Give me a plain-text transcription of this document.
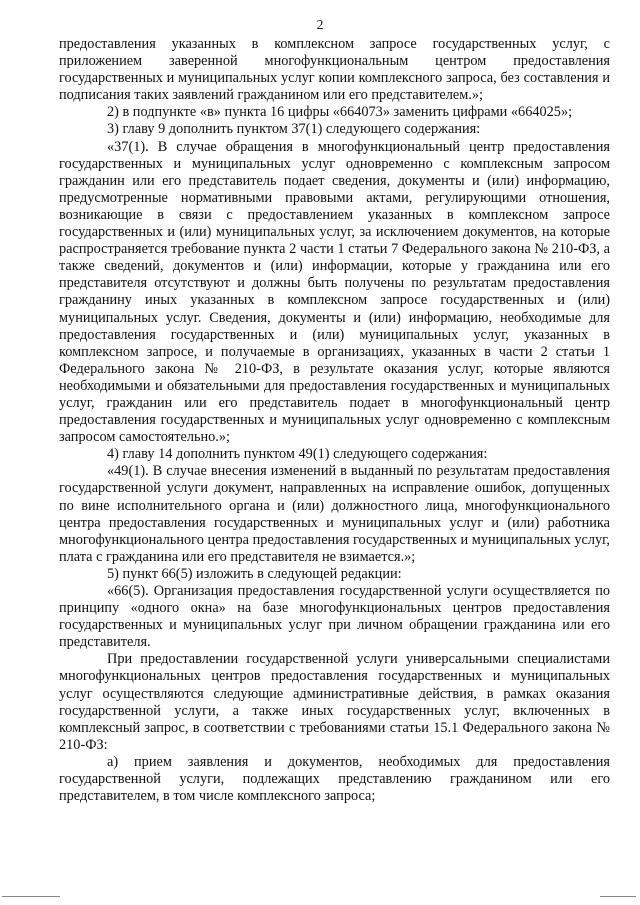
2

предоставления указанных в комплексном запросе государственных услуг, с приложением заверенной многофункциональным центром предоставления государственных и муниципальных услуг копии комплексного запроса, без составления и подписания таких заявлений гражданином или его представителем.»;

2) в подпункте «в» пункта 16 цифры «664073» заменить цифрами «664025»;

3) главу 9 дополнить пунктом 37(1) следующего содержания:

«37(1). В случае обращения в многофункциональный центр предоставления государственных и муниципальных услуг одновременно с комплексным запросом гражданин или его представитель подает сведения, документы и (или) информацию, предусмотренные нормативными правовыми актами, регулирующими отношения, возникающие в связи с предоставлением указанных в комплексном запросе государственных и (или) муниципальных услуг, за исключением документов, на которые распространяется требование пункта 2 части 1 статьи 7 Федерального закона № 210-ФЗ, а также сведений, документов и (или) информации, которые у гражданина или его представителя отсутствуют и должны быть получены по результатам предоставления гражданину иных указанных в комплексном запросе государственных и (или) муниципальных услуг. Сведения, документы и (или) информацию, необходимые для предоставления государственных и (или) муниципальных услуг, указанных в комплексном запросе, и получаемые в организациях, указанных в части 2 статьи 1 Федерального закона № 210-ФЗ, в результате оказания услуг, которые являются необходимыми и обязательными для предоставления государственных и муниципальных услуг, гражданин или его представитель подает в многофункциональный центр предоставления государственных и муниципальных услуг одновременно с комплексным запросом самостоятельно.»;

4) главу 14 дополнить пунктом 49(1) следующего содержания:

«49(1). В случае внесения изменений в выданный по результатам предоставления государственной услуги документ, направленных на исправление ошибок, допущенных по вине исполнительного органа и (или) должностного лица, многофункционального центра предоставления государственных и муниципальных услуг и (или) работника многофункционального центра предоставления государственных и муниципальных услуг, плата с гражданина или его представителя не взимается.»;

5) пункт 66(5) изложить в следующей редакции:

«66(5). Организация предоставления государственной услуги осуществляется по принципу «одного окна» на базе многофункциональных центров предоставления государственных и муниципальных услуг при личном обращении гражданина или его представителя.

При предоставлении государственной услуги универсальными специалистами многофункциональных центров предоставления государственных и муниципальных услуг осуществляются следующие административные действия, в рамках оказания государственной услуги, а также иных государственных услуг, включенных в комплексный запрос, в соответствии с требованиями статьи 15.1 Федерального закона № 210-ФЗ:

а) прием заявления и документов, необходимых для предоставления государственной услуги, подлежащих представлению гражданином или его представителем, в том числе комплексного запроса;
